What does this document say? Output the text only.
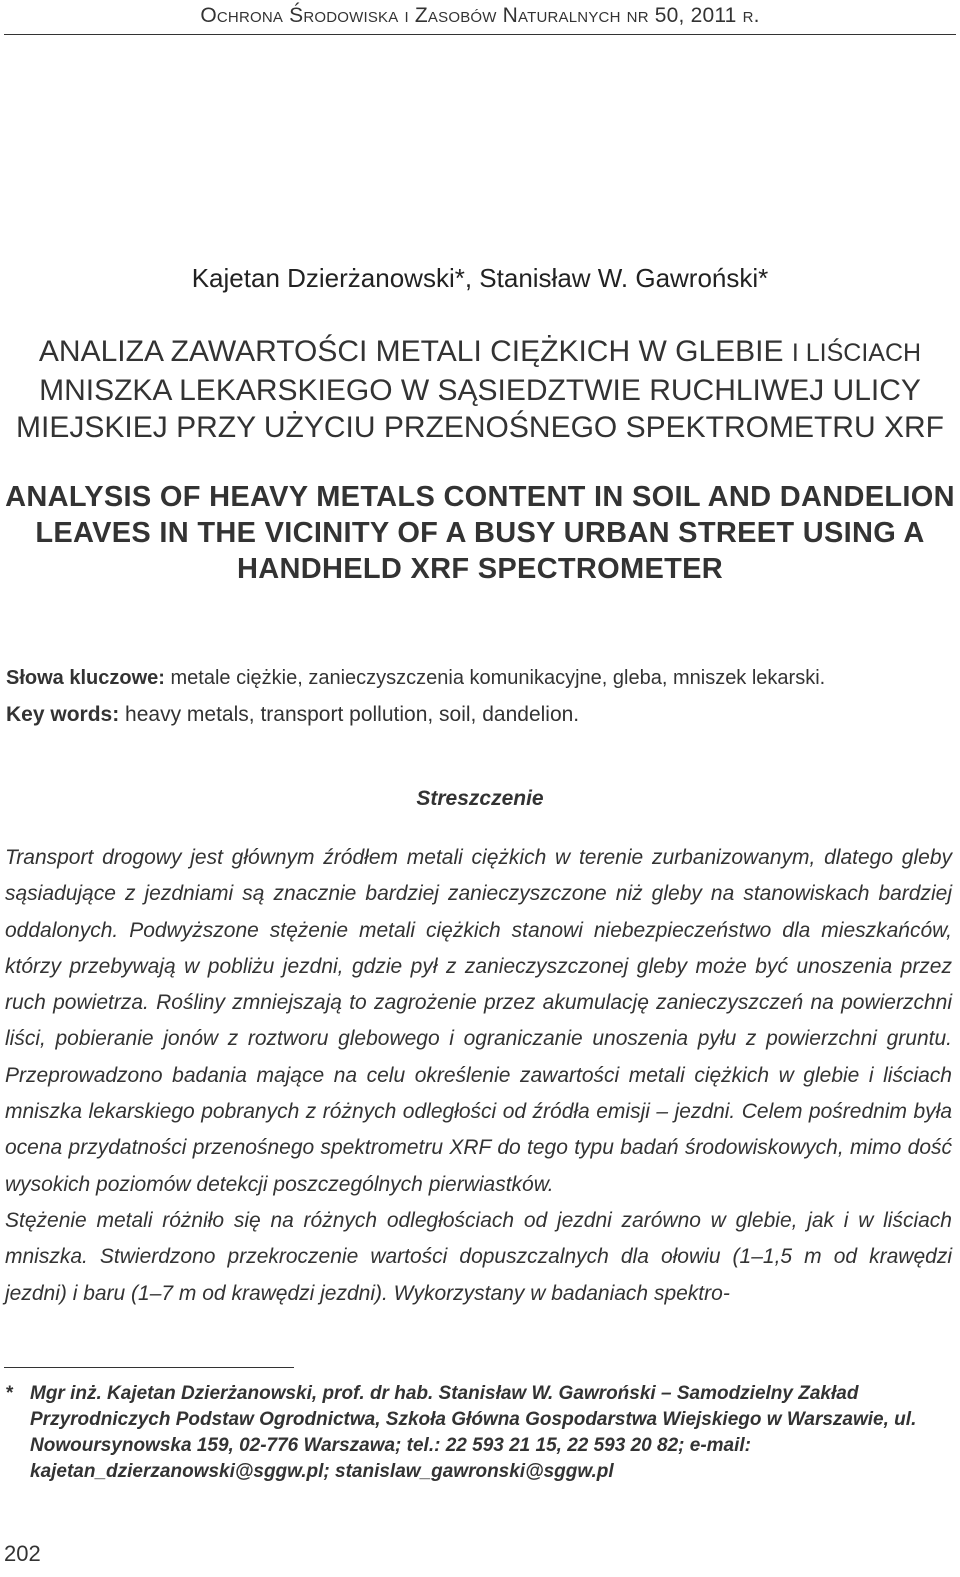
Ochrona Środowiska i Zasobów Naturalnych nr 50, 2011 r.
Kajetan Dzierżanowski*, Stanisław W. Gawroński*
ANALIZA ZAWARTOŚCI METALI CIĘŻKICH W GLEBIE I LIŚCIACH
MNISZKA LEKARSKIEGO W SĄSIEDZTWIE RUCHLIWEJ ULICY
MIEJSKIEJ PRZY UŻYCIU PRZENOŚNEGO SPEKTROMETRU XRF
ANALYSIS OF HEAVY METALS CONTENT IN SOIL AND DANDELION
LEAVES IN THE VICINITY OF A BUSY URBAN STREET USING A
HANDHELD XRF SPECTROMETER
Słowa kluczowe: metale ciężkie, zanieczyszczenia komunikacyjne, gleba, mniszek lekarski.
Key words: heavy metals, transport pollution, soil, dandelion.
Streszczenie

Transport drogowy jest głównym źródłem metali ciężkich w terenie zurbanizowanym, dlatego gleby sąsiadujące z jezdniami są znacznie bardziej zanieczyszczone niż gleby na stanowiskach bardziej oddalonych. Podwyższone stężenie metali ciężkich stanowi niebezpieczeństwo dla mieszkańców, którzy przebywają w pobliżu jezdni, gdzie pył z zanieczyszczonej gleby może być unoszenia przez ruch powietrza. Rośliny zmniejszają to zagrożenie przez akumulację zanieczyszczeń na powierzchni liści, pobieranie jonów z roztworu glebowego i ograniczanie unoszenia pyłu z powierzchni gruntu. Przeprowadzono badania mające na celu określenie zawartości metali ciężkich w glebie i liściach mniszka lekarskiego pobranych z różnych odległości od źródła emisji – jezdni. Celem pośrednim była ocena przydatności przenośnego spektrometru XRF do tego typu badań środowiskowych, mimo dość wysokich poziomów detekcji poszczególnych pierwiastków.

Stężenie metali różniło się na różnych odległościach od jezdni zarówno w glebie, jak i w liściach mniszka. Stwierdzono przekroczenie wartości dopuszczalnych dla ołowiu (1–1,5 m od krawędzi jezdni) i baru (1–7 m od krawędzi jezdni). Wykorzystany w badaniach spektro-

* Mgr inż. Kajetan Dzierżanowski, prof. dr hab. Stanisław W. Gawroński – Samodzielny Zakład Przyrodniczych Podstaw Ogrodnictwa, Szkoła Główna Gospodarstwa Wiejskiego w Warszawie, ul. Nowoursynowska 159, 02-776 Warszawa; tel.: 22 593 21 15, 22 593 20 82; e-mail: kajetan_dzierzanowski@sggw.pl; stanislaw_gawronski@sggw.pl
202
